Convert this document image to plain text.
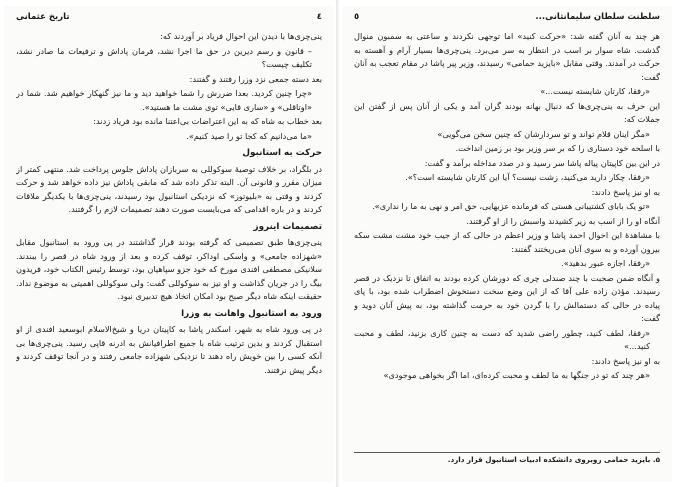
تاریخ عثمانی	٤

ینی‌چری‌ها با دیدن این احوال فریاد بر آوردند که:

– قانون و رسم دیرین در حق ما اجرا نشد، فرمان پاداش و ترفیعات ما صادر نشد، تکلیف چیست؟

بعد دسته جمعی نزد وزرا رفتند و گفتند:

«چرا چنین کردید. بعدا ضررش را شما خواهید دید و ما نیز گنهکار خواهیم شد. شما در «اوتاقلی» و «ساری قایی» توی مشت ما هستید».

بعد خطاب به شاه که به این اعتراضات بی‌اعتنا مانده بود فریاد زدند:

«ما می‌دانیم که کجا تو را صید کنیم».

حرکت به استانبول

در بلگراد، بر خلاف توصیهٔ سوکوللی به سربازان پاداش جلوس پرداخت شد. منتهی کمتر از میزان مقرر و قانونی آن. البته تذکر داده شد که مابقی پاداش نیز داده خواهد شد و حرکت کردند و وقتی به «بلیوتوز» که نزدیکی استانبول بود رسیدند، ینی‌چری‌ها با یکدیگر ملاقات کردند و در باره اقدامی که می‌بایست صورت دهند تصمیمات لازم را گرفتند.

تصمیمات اینروز

ینی‌چری‌ها طبق تصمیمی که گرفته بودند قرار گذاشتند در پی ورود به استانبول مقابل «شهزاده جامعی» و واسکی اوداکر، توقف کرده و بعد از ورود شاه در قصر را ببندند. سلانیکی مصطفی افندی مورخ که خود جزو سپاهیان بود، توسط رئیس الکتاب خود، فریدون بیگ را در جریان گذاشت و او نیز به سوکوللی گفت: ولی سوکوللی اهمیتی به موضوع نداد. حقیقت اینکه شاه دیگر صبح بود امکان اتخاذ هیچ تدبیری نبود.

ورود به استانبول واهانت به وزرا

در پی ورود شاه به شهر، اسکندر پاشا به کاپیتان دریا و شیخ‌الاسلام ابوسعید افندی از او استقبال کردند و بدین ترتیب شاه با جمیع اطرافیانش به ادرنه قاپی رسید. ینی‌چری‌ها بی آنکه کسی را بین خویش راه دهند تا نزدیکی شهزاده جامعی رفتند و در آنجا توقف کردند و دیگر پیش نرفتند.

سلطنت سلطان سلیمانثانی...
٥

هر چند به آنان گفته شد: «حرکت کنید» اما توجهی نکردند و ساعتی به سمبون منوال گذشت. شاه سوار بر اسب در انتظار به سر می‌برد. ینی‌چری‌ها بسیار آرام و آهسته به حرکت در آمدند. وقتی مقابل «بایزید حمامی» رسیدند، وزیر پیر پاشا در مقام تعجب به آنان گفت:

«رفقا، کارتان شایسته نیست...»

این حرف به ینی‌چری‌ها که دنبال بهانه بودند گران آمد و یکی از آنان پس از گفتن این جملات که:

«مگر اینان قلام تواند و تو سردارشان که چنین سخن می‌گویی»

با اسلحه خود دستاری را که بر سر وزیر بود بر زمین انداخت.

در این بین کاپیتان پیاله پاشا سر رسید و در صدد مداخله برآمد و گفت:

«رفقا، چکار دارید می‌کنید، زشت نیست؟ آیا این کارتان شایسته است؟».

به او نیز پاسخ دادند:

«تو یک بابای کشتیبانی هستی که فرمانده عزبهایی، حق امر و نهی به ما را نداری».

آنگاه او را از اسب به زیر کشیدند واسبش را از او گرفتند.

با مشاهدهٔ این احوال احمد پاشا و وزیر اعظم در حالی که از جیب خود مشت مشت سکه بیرون آورده و به سوی آنان می‌ریختند گفتند:

«رفقا، اجازه عبور بدهید».

و آنگاه ضمن صحبت با چند صندلی چری که دورشان کرده بودند به اتفاق تا نزدیک در قصر رسیدند. مؤذن زاده علی آقا که از این وضع سخت دستخوش اضطراب شده بود، با پای پیاده در حالی که دستمالش را با گردن خود به حرمت گذاشته بود، به پیش آنان دوید و گفت:

«رفقا، لطف کنید، چطور راضی شدید که دست به چنین کاری بزنید، لطف و محبت کنید...»

به او نیز پاسخ دادند:

«هر چند که تو در جنگها به ما لطف و محبت کرده‌ای، اما اگر بخواهی موجودی»

۵. بایزید حمامی روبروی دانشکده ادبیات استانبول قرار دارد.
